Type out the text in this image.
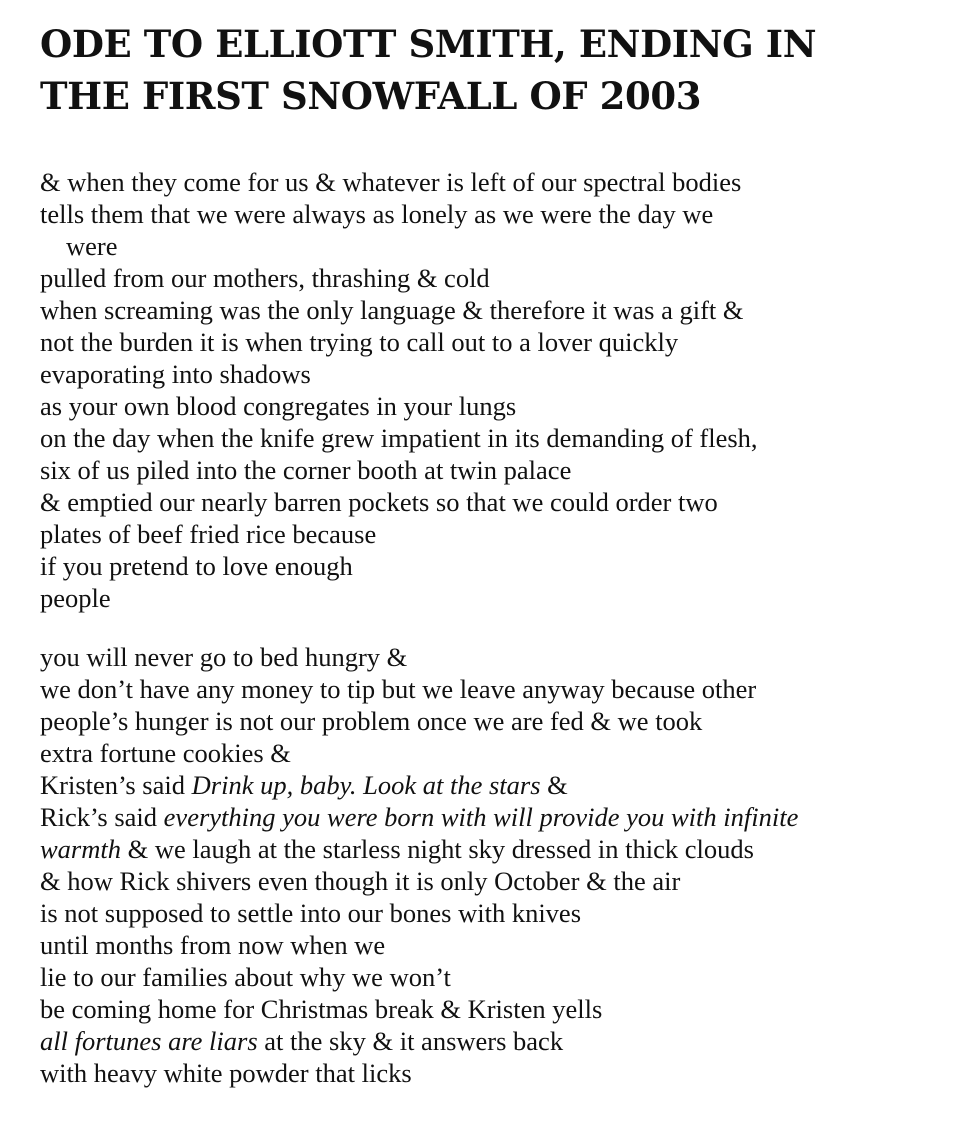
ODE TO ELLIOTT SMITH, ENDING IN
THE FIRST SNOWFALL OF 2003
& when they come for us & whatever is left of our spectral bodies
tells them that we were always as lonely as we were the day we
were
pulled from our mothers, thrashing & cold
when screaming was the only language & therefore it was a gift &
not the burden it is when trying to call out to a lover quickly
evaporating into shadows
as your own blood congregates in your lungs
on the day when the knife grew impatient in its demanding of flesh,
six of us piled into the corner booth at twin palace
& emptied our nearly barren pockets so that we could order two
plates of beef fried rice because
if you pretend to love enough
people
you will never go to bed hungry &
we don’t have any money to tip but we leave anyway because other
people’s hunger is not our problem once we are fed & we took
extra fortune cookies &
Kristen’s said Drink up, baby. Look at the stars &
Rick’s said everything you were born with will provide you with infinite
warmth & we laugh at the starless night sky dressed in thick clouds
& how Rick shivers even though it is only October & the air
is not supposed to settle into our bones with knives
until months from now when we
lie to our families about why we won’t
be coming home for Christmas break & Kristen yells
all fortunes are liars at the sky & it answers back
with heavy white powder that licks
